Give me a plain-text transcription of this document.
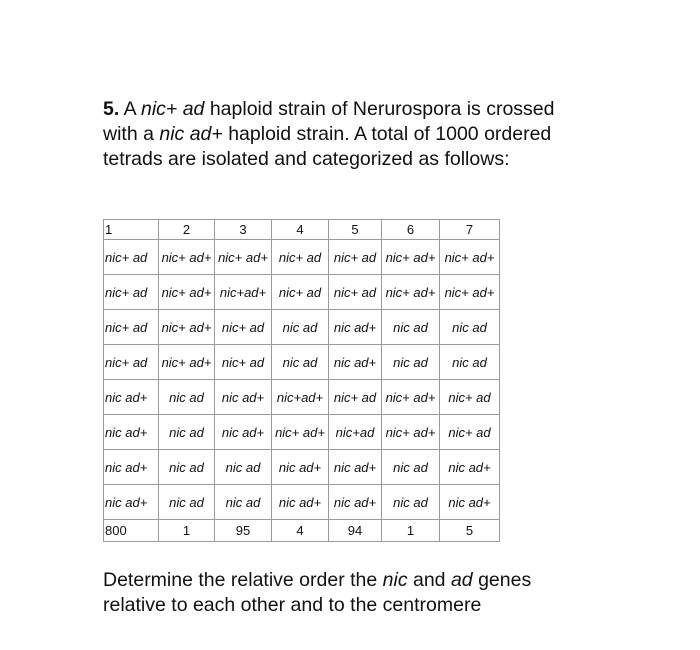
5. A nic+ ad haploid strain of Nerurospora is crossed
with a nic ad+ haploid strain. A total of 1000 ordered
tetrads are isolated and categorized as follows:
1	2	3	4	5	6	7
nic+ ad	nic+ ad+	nic+ ad+	nic+ ad	nic+ ad	nic+ ad+	nic+ ad+
nic+ ad	nic+ ad+	nic+ad+	nic+ ad	nic+ ad	nic+ ad+	nic+ ad+
nic+ ad	nic+ ad+	nic+ ad	nic ad	nic ad+	nic ad	nic ad
nic+ ad	nic+ ad+	nic+ ad	nic ad	nic ad+	nic ad	nic ad
nic ad+	nic ad	nic ad+	nic+ad+	nic+ ad	nic+ ad+	nic+ ad
nic ad+	nic ad	nic ad+	nic+ ad+	nic+ad	nic+ ad+	nic+ ad
nic ad+	nic ad	nic ad	nic ad+	nic ad+	nic ad	nic ad+
nic ad+	nic ad	nic ad	nic ad+	nic ad+	nic ad	nic ad+
800	1	95	4	94	1	5
Determine the relative order the nic and ad genes
relative to each other and to the centromere
